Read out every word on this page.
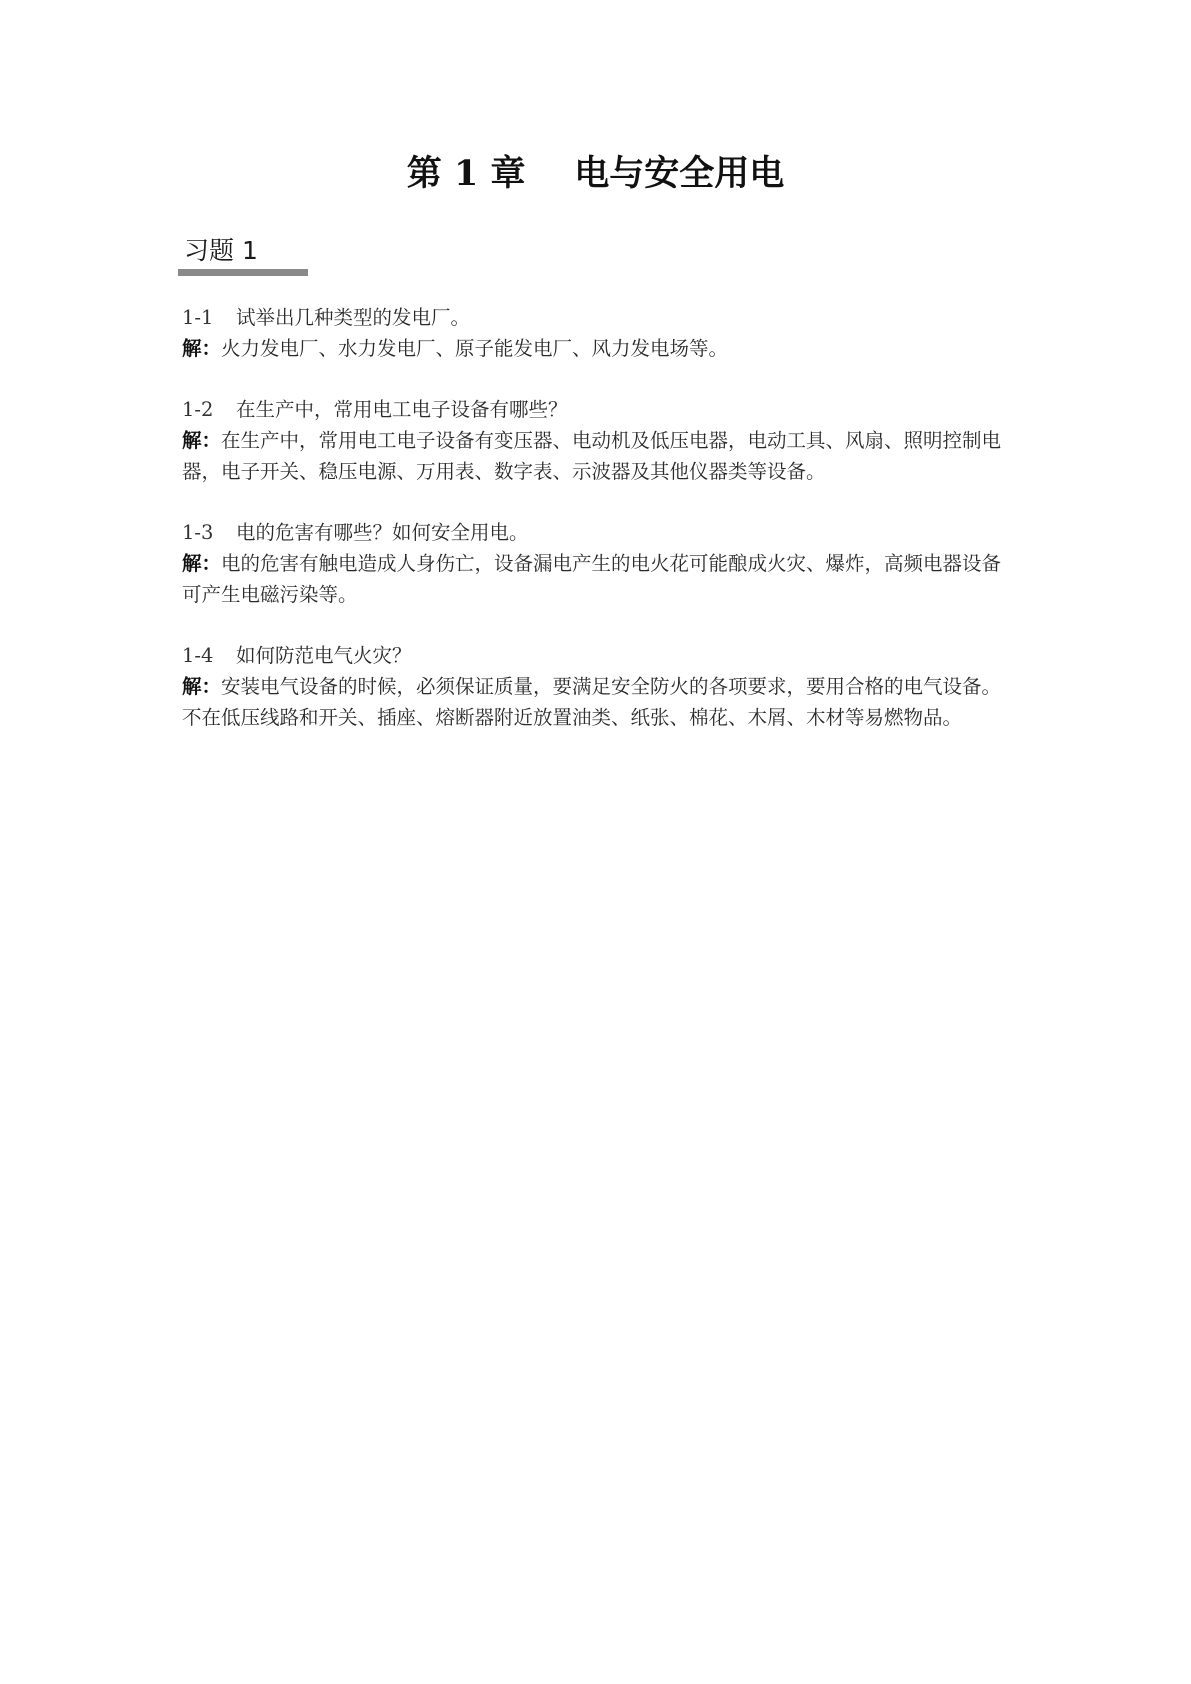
第 1 章    电与安全用电
习题 1

1-1 试举出几种类型的发电厂。

解：火力发电厂、水力发电厂、原子能发电厂、风力发电场等。

1-2 在生产中，常用电工电子设备有哪些？

解：在生产中，常用电工电子设备有变压器、电动机及低压电器，电动工具、风扇、照明控制电器，电子开关、稳压电源、万用表、数字表、示波器及其他仪器类等设备。

1-3 电的危害有哪些？如何安全用电。

解：电的危害有触电造成人身伤亡，设备漏电产生的电火花可能酿成火灾、爆炸，高频电器设备可产生电磁污染等。

1-4 如何防范电气火灾？

解：安装电气设备的时候，必须保证质量，要满足安全防火的各项要求，要用合格的电气设备。不在低压线路和开关、插座、熔断器附近放置油类、纸张、棉花、木屑、木材等易燃物品。
